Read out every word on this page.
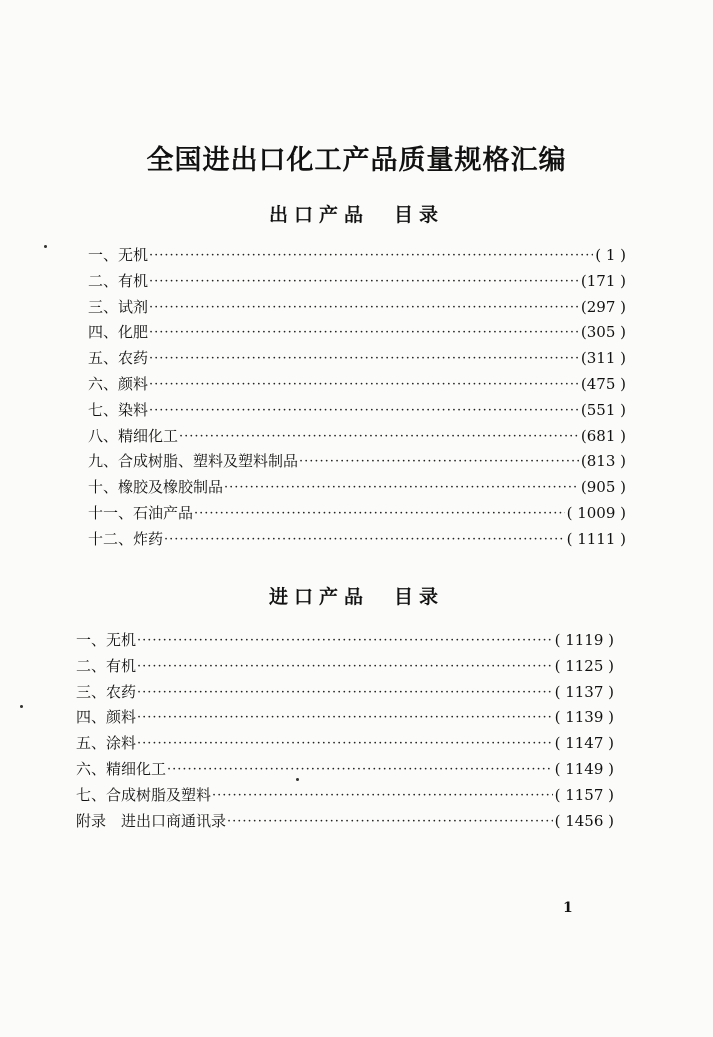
全国进出口化工产品质量规格汇编
出口产品　目录
一、无机 ·····	( 1 )
二、有机 ·····	(171 )
三、试剂 ·····	(297 )
四、化肥 ·····	(305 )
五、农药 ·····	(311 )
六、颜料 ·····	(475 )
七、染料 ·····	(551 )
八、精细化工 ·····	(681 )
九、合成树脂、塑料及塑料制品 ·····	(813 )
十、橡胶及橡胶制品 ·····	(905 )
十一、石油产品 ·····	( 1009 )
十二、炸药 ·····	( 1111 )
进口产品　目录
一、无机 ·····	( 1119 )
二、有机 ·····	( 1125 )
三、农药 ·····	( 1137 )
四、颜料 ·····	( 1139 )
五、涂料 ·····	( 1147 )
六、精细化工 ·····	( 1149 )
七、合成树脂及塑料 ·····	( 1157 )
附录　进出口商通讯录 ·····	( 1456 )

1
